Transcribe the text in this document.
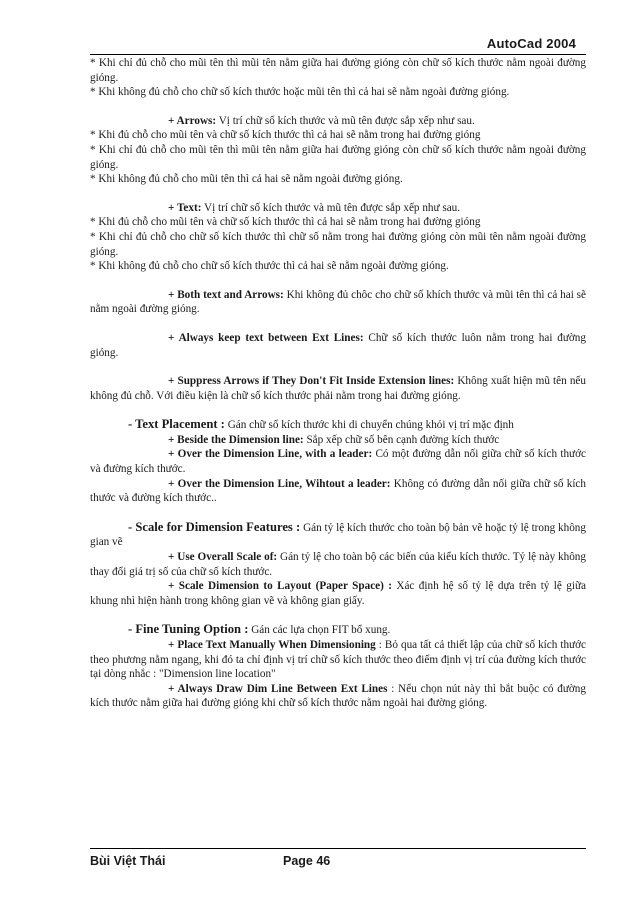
AutoCad 2004

* Khi chỉ đủ chỗ cho mũi tên thì mũi tên nằm giữa hai đường gióng còn chữ số kích thước nằm ngoài đường gióng.

* Khi không đủ chỗ cho chữ số kích thước hoặc mũi tên thì cả hai sẽ nằm ngoài đường gióng.

+ Arrows: Vị trí chữ số kích thước và mũ tên được sắp xếp như sau.

* Khi đủ chỗ cho mũi tên và chữ số kích thước thì cả hai sẽ nằm trong hai đường gióng

* Khi chỉ đủ chỗ cho mũi tên thì mũi tên nằm giữa hai đường gióng còn chữ số kích thước nằm ngoài đường gióng.

* Khi không đủ chỗ cho mũi tên thì cả hai sẽ nằm ngoài đường gióng.

+ Text: Vị trí chữ số kích thước và mũ tên được sắp xếp như sau.

* Khi đủ chỗ cho mũi tên và chữ số kích thước thì cả hai sẽ nằm trong hai đường gióng

* Khi chỉ đủ chỗ cho chữ số kích thước thì chữ số nằm trong hai đường gióng còn mũi tên nằm ngoài đường gióng.

* Khi không đủ chỗ cho chữ số kích thước thì cả hai sẽ nằm ngoài đường gióng.

+ Both text and Arrows: Khi không đủ chôc cho chữ số khích thước và mũi tên thì cả hai sẽ nằm ngoài đường gióng.

+ Always keep text between Ext Lines: Chữ số kích thước luôn nằm trong hai đường gióng.

+ Suppress Arrows if They Don't Fit Inside Extension lines: Không xuất hiện mũ tên nếu không đủ chỗ. Với điều kiện là chữ số kích thước phải nằm trong hai đường gióng.

- Text Placement : Gán chữ số kích thước khi di chuyển chúng khỏi vị trí mặc định

+ Beside the Dimension line: Sắp xếp chữ số bên cạnh đường kích thước

+ Over the Dimension Line, with a leader: Có một đường dẫn nối giữa chữ số kích thước và đường kích thước.

+ Over the Dimension Line, Wihtout a leader: Không có đường dẫn nối giữa chữ số kích thước và đường kích thước..

- Scale for Dimension Features : Gán tỷ lệ kích thước cho toàn bộ bản vẽ hoặc tỷ lệ trong không gian vẽ

+ Use Overall Scale of: Gán tỷ lệ cho toàn bộ các biến của kiểu kích thước. Tỷ lệ này không thay đổi giá trị số của chữ số kích thước.

+ Scale Dimension to Layout (Paper Space) : Xác định hệ số tỷ lệ dựa trên tỷ lệ giữa khung nhì hiện hành trong không gian vẽ và không gian giấy.

- Fine Tuning Option : Gán các lựa chọn FIT bổ xung.

+ Place Text Manually When Dimensioning : Bỏ qua tất cả thiết lập của chữ số kích thước theo phương nằm ngang, khi đó ta chỉ định vị trí chữ số kích thước theo điểm định vị trí của đường kích thước tại dòng nhắc : "Dimension line location"

+ Always Draw Dim Line Between Ext Lines : Nếu chọn nút này thì bắt buộc có đường kích thước nằm giữa hai đường gióng khi chữ số kích thước nằm ngoài hai đường gióng.

Bùi Việt Thái	Page 46
